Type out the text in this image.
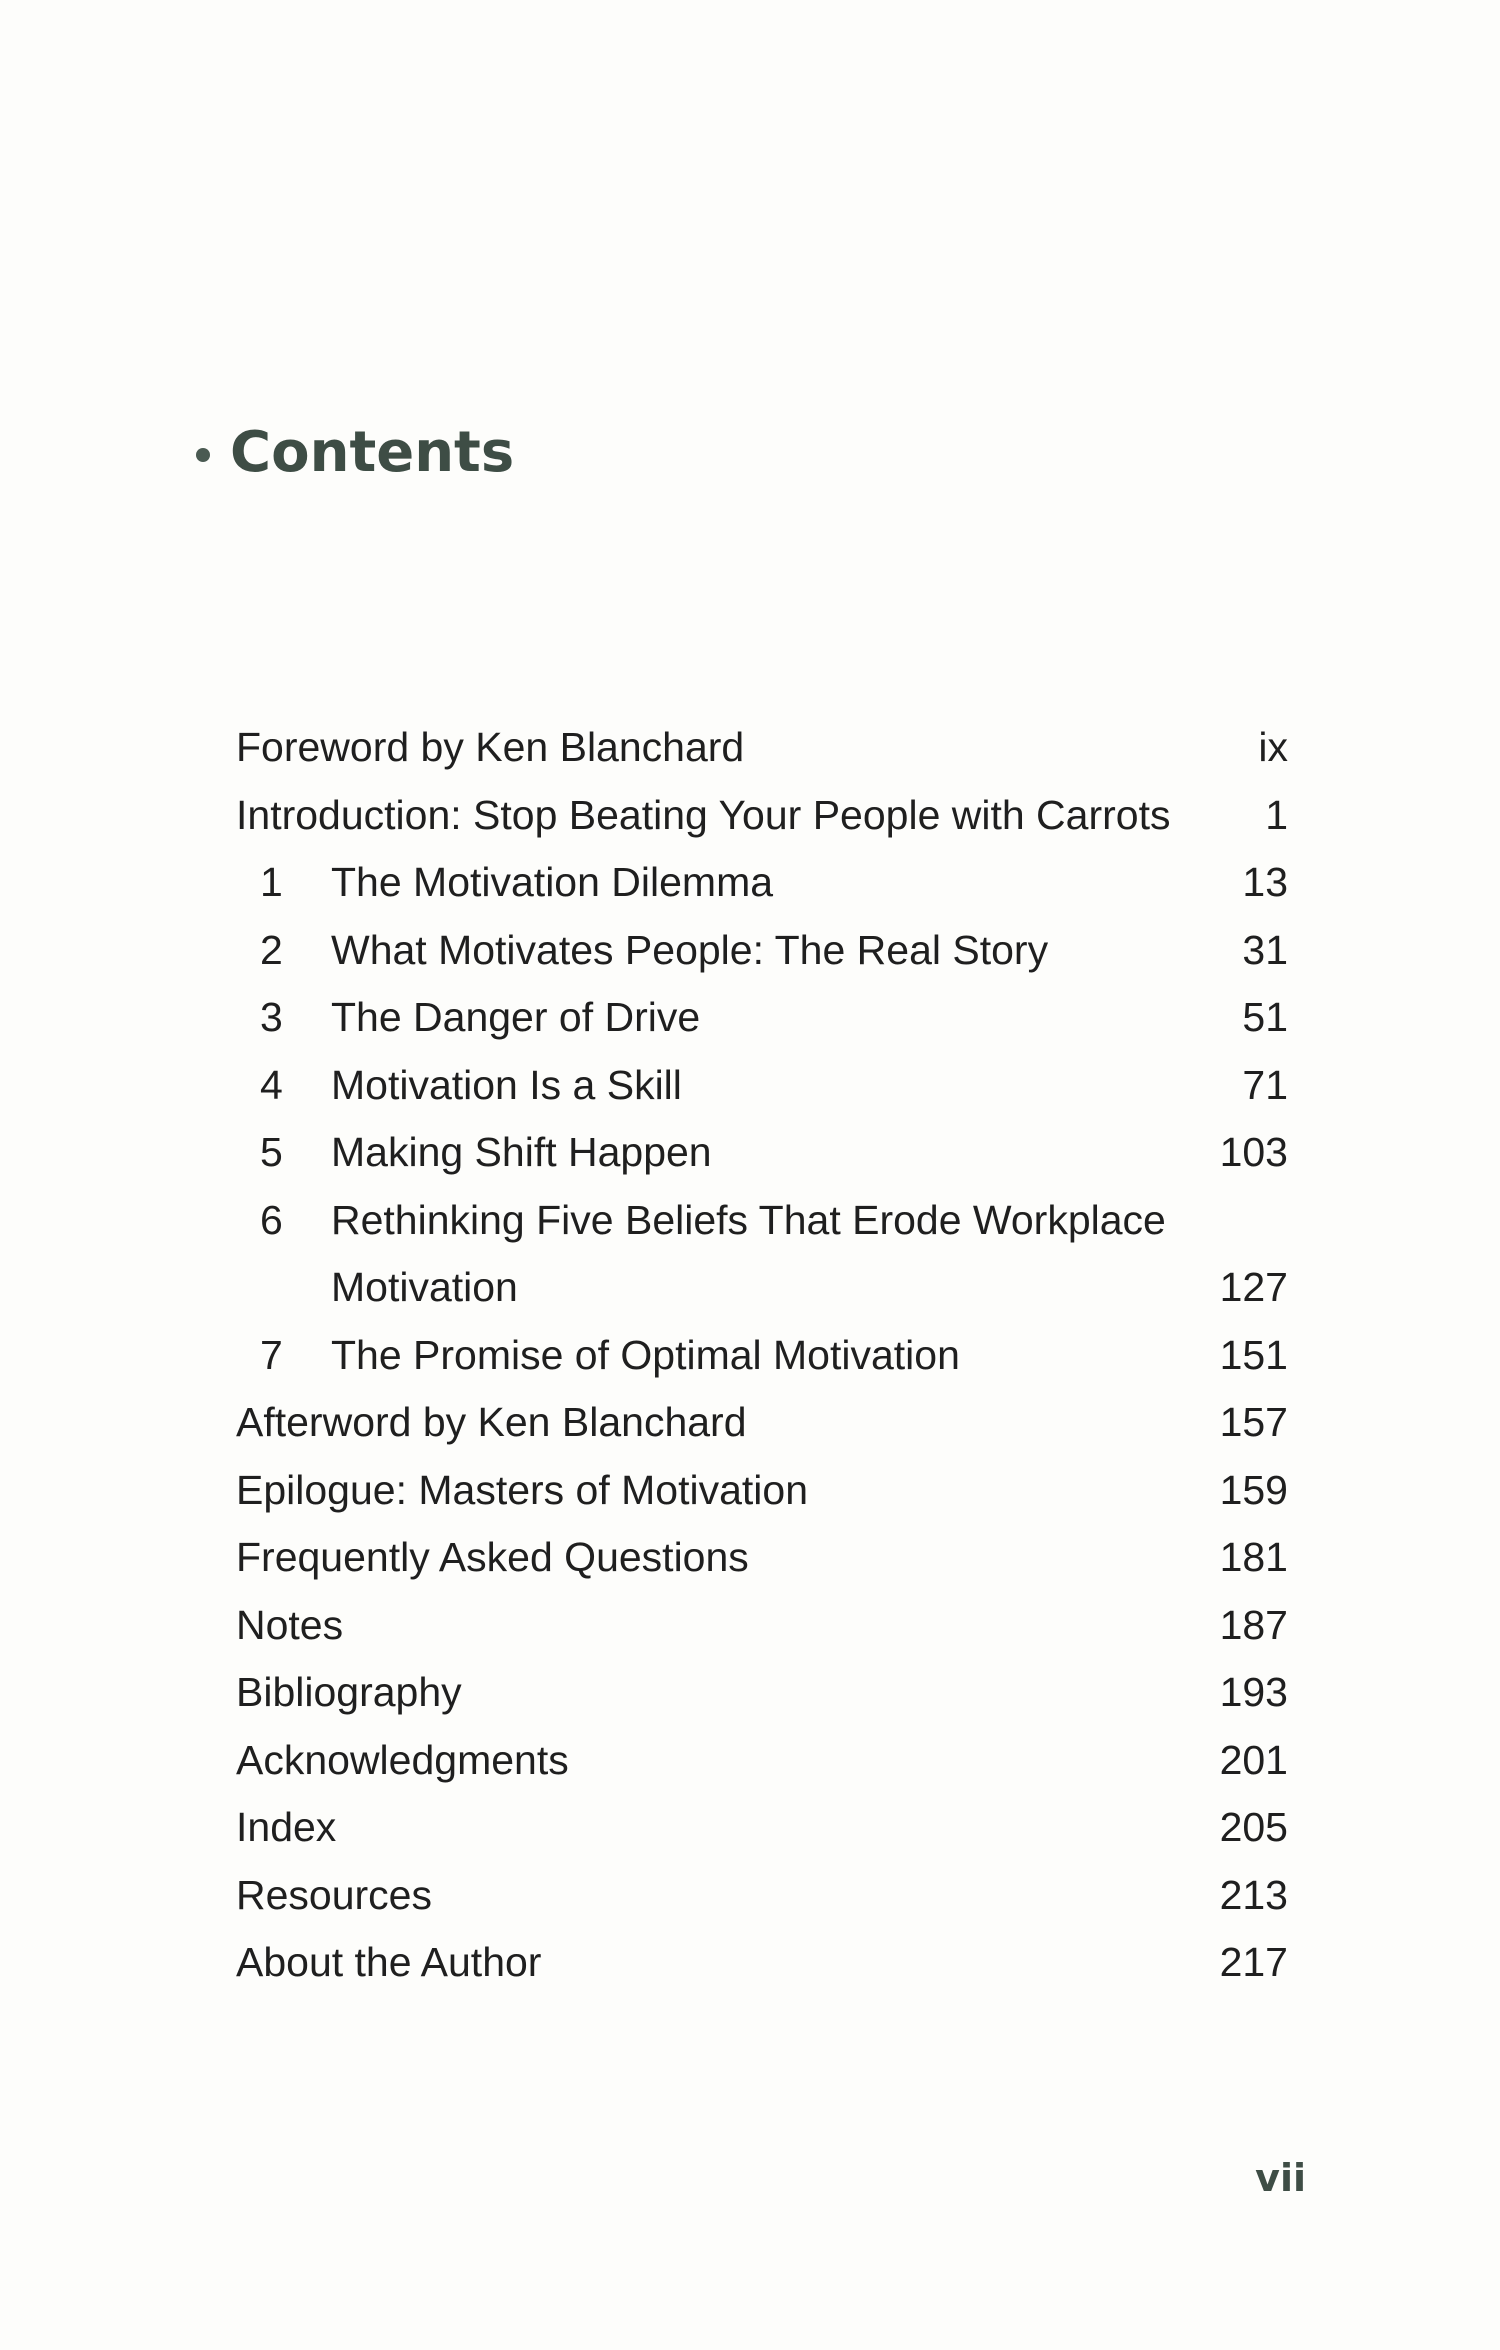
Contents
Foreword by Ken Blanchard	ix
Introduction: Stop Beating Your People with Carrots 1
1 The Motivation Dilemma	13
2 What Motivates People: The Real Story	31
3 The Danger of Drive	51
4 Motivation Is a Skill	71
5 Making Shift Happen	103
6 Rethinking Five Beliefs That Erode Workplace
Motivation	127
7 The Promise of Optimal Motivation	151
Afterword by Ken Blanchard	157
Epilogue: Masters of Motivation	159
Frequently Asked Questions	181
Notes	187
Bibliography	193
Acknowledgments	201
Index	205
Resources	213
About the Author	217
vii
